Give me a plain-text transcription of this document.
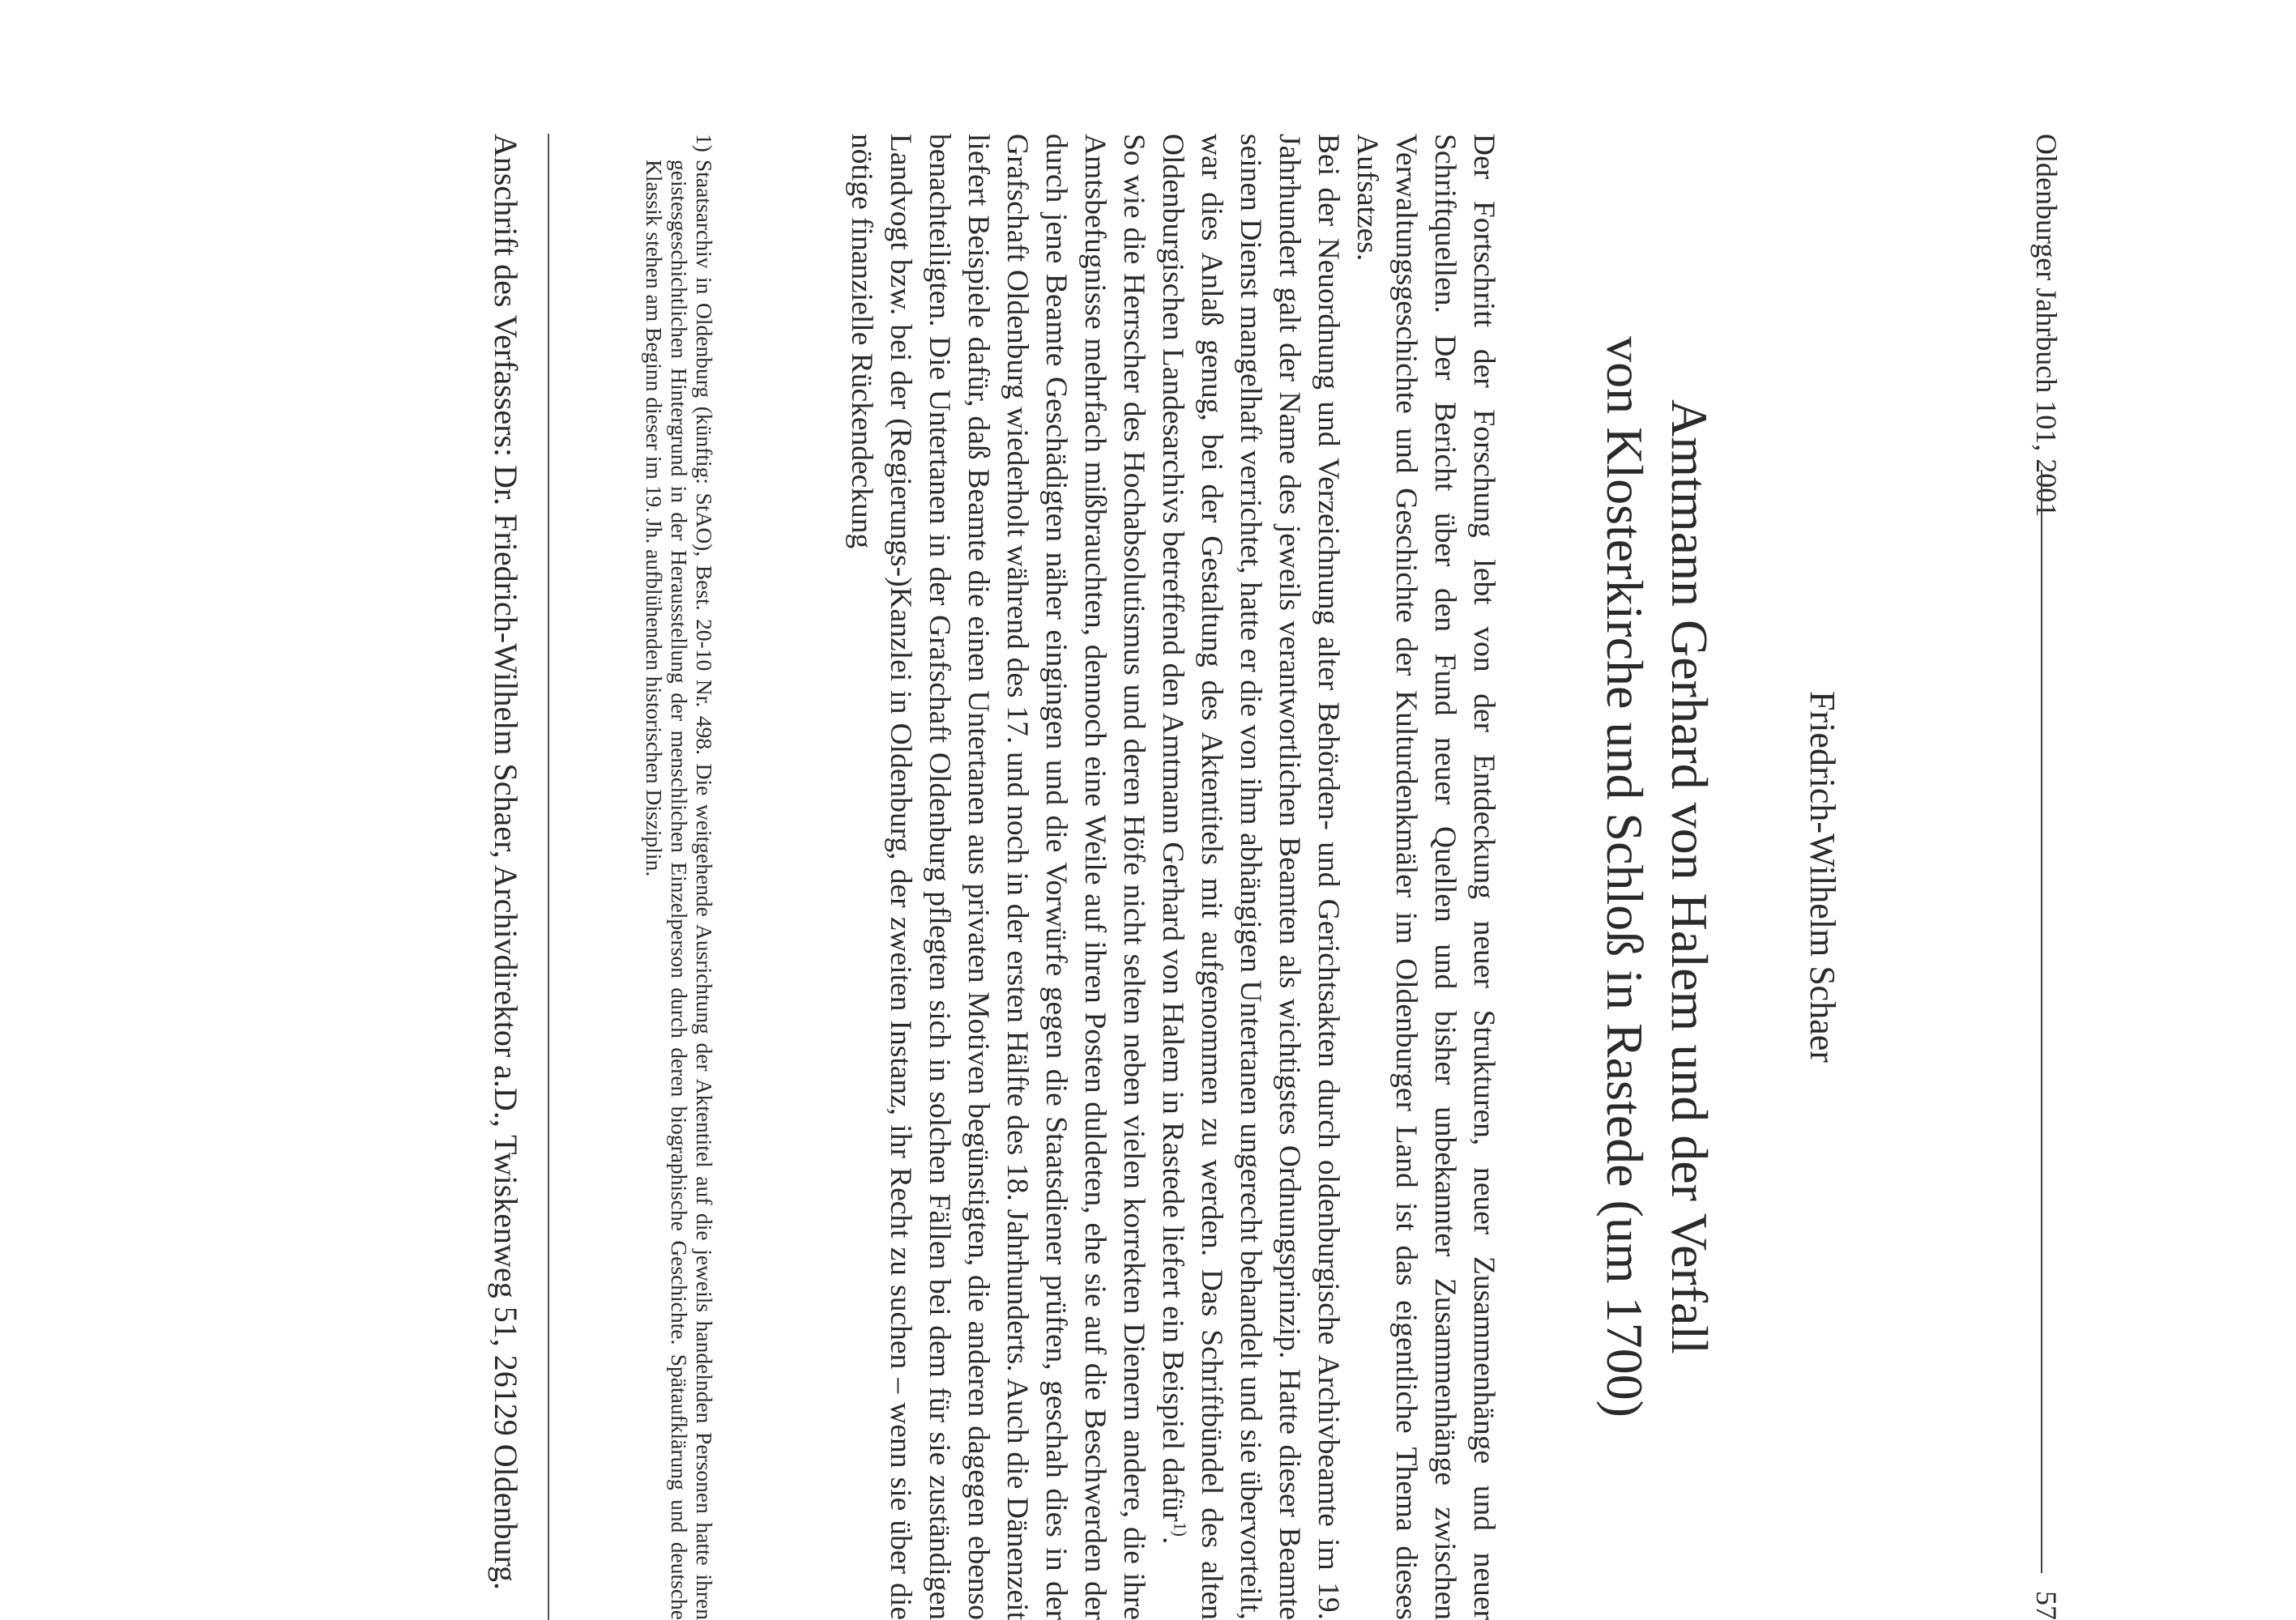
Oldenburger Jahrbuch 101, 2001
57
Friedrich-Wilhelm Schaer
Amtmann Gerhard von Halem und der Verfall
von Klosterkirche und Schloß in Rastede (um 1700)

Der Fortschritt der Forschung lebt von der Entdeckung neuer Strukturen, neuer Zusammenhänge und neuer Schriftquellen. Der Bericht über den Fund neuer Quellen und bisher unbekannter Zusammenhänge zwischen Verwaltungsgeschichte und Geschichte der Kulturdenkmäler im Oldenburger Land ist das eigentliche Thema dieses Aufsatzes.

Bei der Neuordnung und Verzeichnung alter Behörden- und Gerichtsakten durch oldenburgische Archivbeamte im 19. Jahrhundert galt der Name des jeweils verantwortlichen Beamten als wichtigstes Ordnungsprinzip. Hatte dieser Beamte seinen Dienst mangelhaft verrichtet, hatte er die von ihm abhängigen Untertanen ungerecht behandelt und sie übervorteilt, war dies Anlaß genug, bei der Gestaltung des Aktentitels mit aufgenommen zu werden. Das Schriftbündel des alten Oldenburgischen Landesarchivs betreffend den Amtmann Gerhard von Halem in Rastede liefert ein Beispiel dafür$^{1)}$.

So wie die Herrscher des Hochabsolutismus und deren Höfe nicht selten neben vielen korrekten Dienern andere, die ihre Amtsbefugnisse mehrfach mißbrauchten, dennoch eine Weile auf ihren Posten duldeten, ehe sie auf die Beschwerden der durch jene Beamte Geschädigten näher eingingen und die Vorwürfe gegen die Staatsdiener prüften, geschah dies in der Grafschaft Oldenburg wiederholt während des 17. und noch in der ersten Hälfte des 18. Jahrhunderts. Auch die Dänenzeit liefert Beispiele dafür, daß Beamte die einen Untertanen aus privaten Motiven begünstigten, die anderen dagegen ebenso benachteiligten. Die Untertanen in der Grafschaft Oldenburg pflegten sich in solchen Fällen bei dem für sie zuständigen Landvogt bzw. bei der (Regierungs-)Kanzlei in Oldenburg, der zweiten Instanz, ihr Recht zu suchen – wenn sie über die nötige finanzielle Rückendeckung

1)
Staatsarchiv in Oldenburg (künftig: StAO), Best. 20-10 Nr. 498. Die weitgehende Ausrichtung der Aktentitel auf die jeweils handelnden Personen hatte ihren geistesgeschichtlichen Hintergrund in der Herausstellung der menschlichen Einzelperson durch deren biographische Geschichte. Spätaufklärung und deutsche Klassik stehen am Beginn dieser im 19. Jh. aufblühenden historischen Disziplin.
Anschrift des Verfassers: Dr. Friedrich-Wilhelm Schaer, Archivdirektor a.D., Twiskenweg 51, 26129 Oldenburg.
